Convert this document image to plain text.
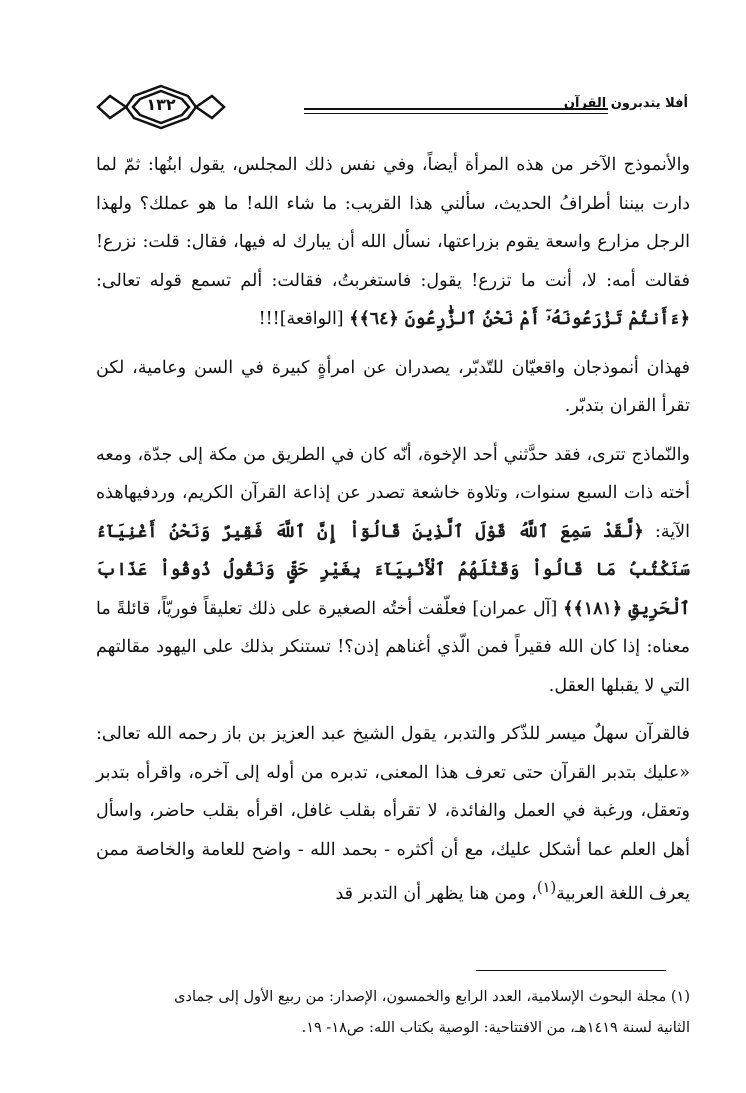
أفلا يتدبرون القرآن
١٣٢

والأنموذج الآخر من هذه المرأة أيضاً، وفي نفس ذلك المجلس، يقول ابنُها: ثمّ لما دارت بيننا أطرافُ الحديث، سألني هذا القريب: ما شاء الله! ما هو عملك؟ ولهذا الرجل مزارع واسعة يقوم بزراعتها، نسأل الله أن يبارك له فيها، فقال: قلت: نزرع! فقالت أمه: لا، أنت ما تزرع! يقول: فاستغربتُ، فقالت: ألم تسمع قوله تعالى: ﴿ءَأَنتُمْ تَزْرَعُونَهُۥٓ أَمْ نَحْنُ ٱلزَّٰرِعُونَ ﴿٦٤﴾﴾ [الواقعة]!!!

فهذان أنموذجان واقعيّان للتّدبّر، يصدران عن امرأةٍ كبيرة في السن وعامية، لكن تقرأ القران بتدبّر.

والنّماذج تترى، فقد حدَّثني أحد الإخوة، أنّه كان في الطريق من مكة إلى جدّة، ومعه أخته ذات السبع سنوات، وتلاوة خاشعة تصدر عن إذاعة القرآن الكريم، وردفيهاهذه الآية: ﴿لَّقَدْ سَمِعَ ٱللَّهُ قَوْلَ ٱلَّذِينَ قَالُوٓاْ إِنَّ ٱللَّهَ فَقِيرٌ وَنَحْنُ أَغْنِيَآءُ سَنَكْتُبُ مَا قَالُواْ وَقَتْلَهُمُ ٱلْأَنۢبِيَآءَ بِغَيْرِ حَقٍّ وَنَقُولُ ذُوقُواْ عَذَابَ ٱلْحَرِيقِ ﴿١٨١﴾﴾ [آل عمران] فعلّقت أختُه الصغيرة على ذلك تعليقاً فوريّاً، قائلةً ما معناه: إذا كان الله فقيراً فمن الّذي أغناهم إذن؟! تستنكر بذلك على اليهود مقالتهم التي لا يقبلها العقل.

فالقرآن سهلٌ ميسر للذّكر والتدبر، يقول الشيخ عبد العزيز بن باز رحمه الله تعالى: «عليك بتدبر القرآن حتى تعرف هذا المعنى، تدبره من أوله إلى آخره، واقرأه بتدبر وتعقل، ورغبة في العمل والفائدة، لا تقرأه بقلب غافل، اقرأه بقلب حاضر، واسأل أهل العلم عما أشكل عليك، مع أن أكثره - بحمد الله - واضح للعامة والخاصة ممن يعرف اللغة العربية$^{(١)}$، ومن هنا يظهر أن التدبر قد

(١) مجلة البحوث الإسلامية، العدد الرابع والخمسون، الإصدار: من ربيع الأول إلى جمادى

الثانية لسنة ١٤١٩هـ، من الافتتاحية: الوصية بكتاب الله: ص١٨- ١٩.
